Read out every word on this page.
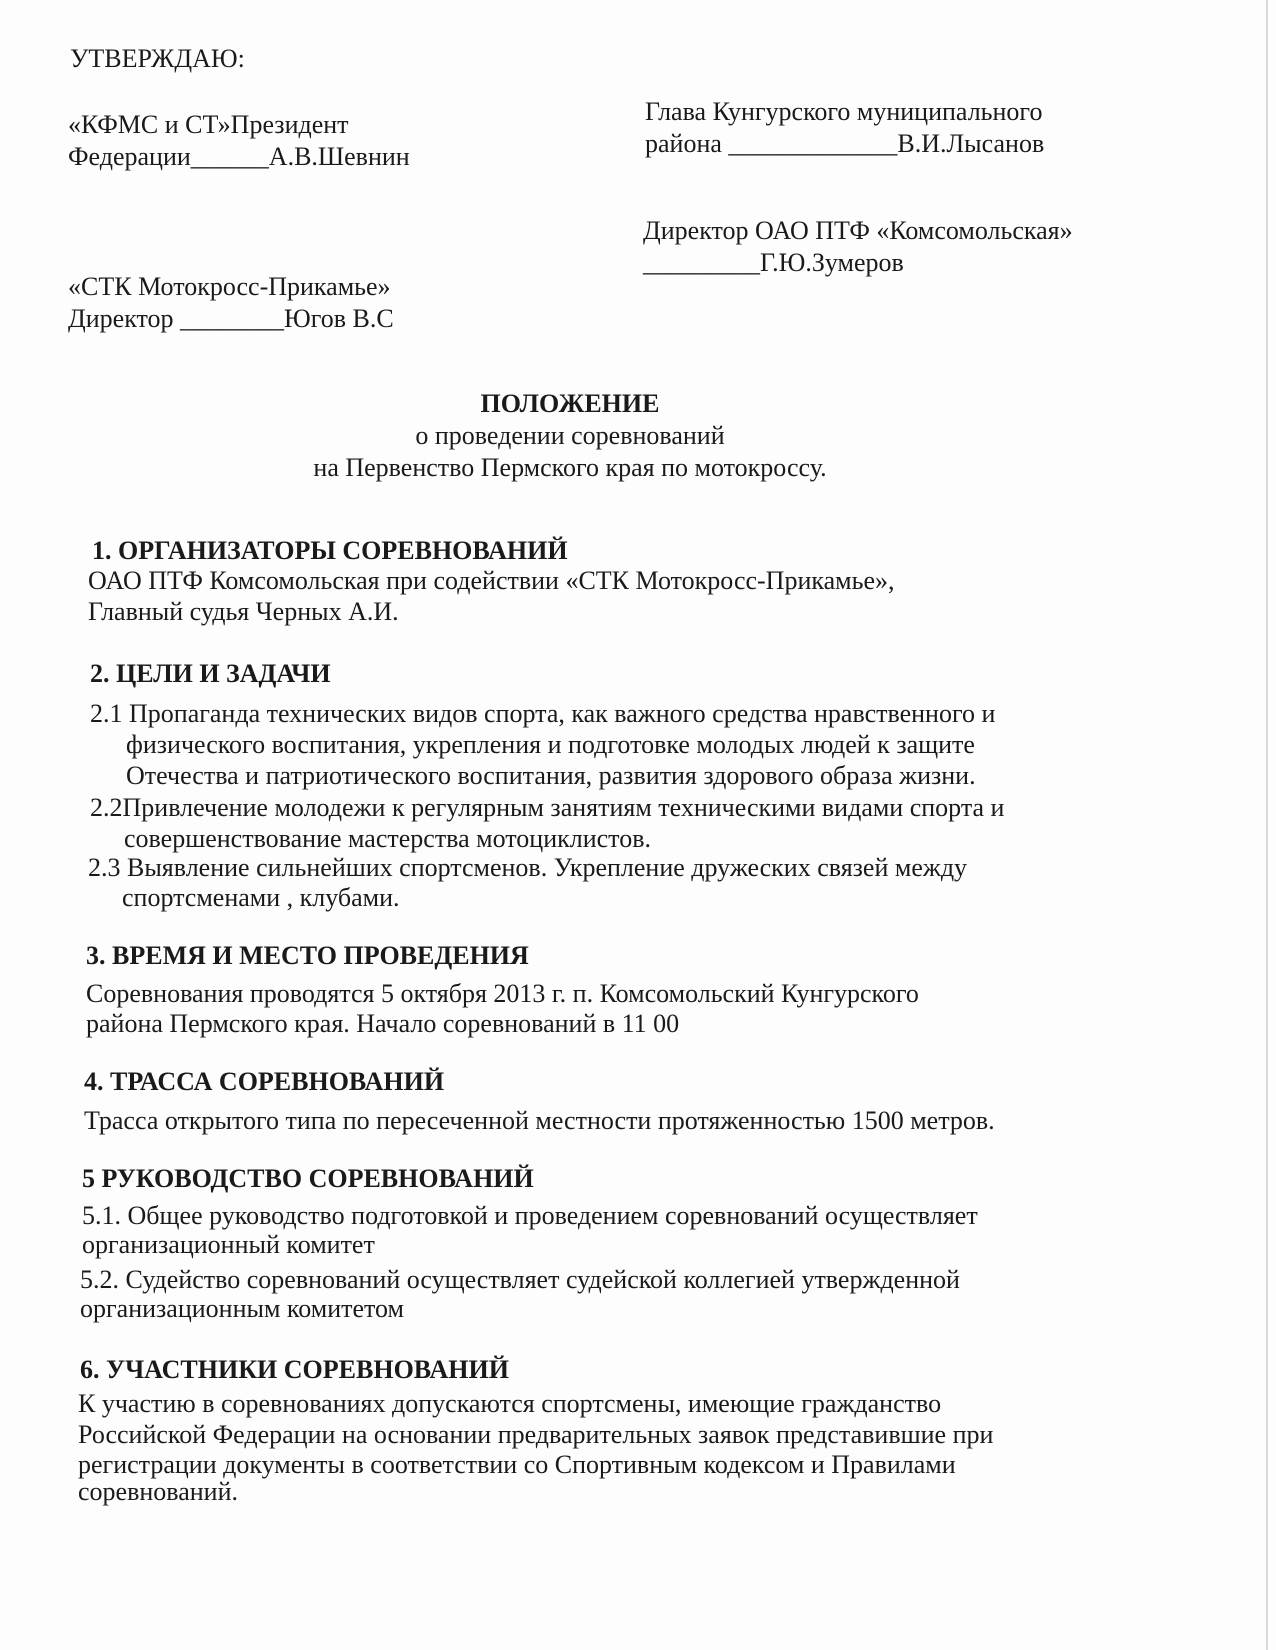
УТВЕРЖДАЮ:
«КФМС и СТ»Президент
Федерации______А.В.Шевнин
«СТК Мотокросс-Прикамье»
Директор ________Югов В.С
Глава Кунгурского муниципального
района _____________В.И.Лысанов
Директор ОАО ПТФ «Комсомольская»
_________Г.Ю.Зумеров
ПОЛОЖЕНИЕ
о проведении соревнований
на Первенство Пермского края по мотокроссу.
1. ОРГАНИЗАТОРЫ СОРЕВНОВАНИЙ
ОАО ПТФ Комсомольская при содействии «СТК Мотокросс-Прикамье»,
Главный судья Черных А.И.
2. ЦЕЛИ И ЗАДАЧИ
2.1 Пропаганда технических видов спорта, как важного средства нравственного и
физического воспитания, укрепления и подготовке молодых людей к защите
Отечества и патриотического воспитания, развития здорового образа жизни.
2.2Привлечение молодежи к регулярным занятиям техническими видами спорта и
совершенствование мастерства мотоциклистов.
2.3 Выявление сильнейших спортсменов. Укрепление дружеских связей между
спортсменами , клубами.
3. ВРЕМЯ И МЕСТО ПРОВЕДЕНИЯ
Соревнования проводятся 5 октября 2013 г. п. Комсомольский Кунгурского
района Пермского края. Начало соревнований в 11 00
4. ТРАССА СОРЕВНОВАНИЙ
Трасса открытого типа по пересеченной местности протяженностью 1500 метров.
5 РУКОВОДСТВО СОРЕВНОВАНИЙ
5.1. Общее руководство подготовкой и проведением соревнований осуществляет
организационный комитет
5.2. Судейство соревнований осуществляет судейской коллегией утвержденной
организационным комитетом
6. УЧАСТНИКИ СОРЕВНОВАНИЙ
К участию в соревнованиях допускаются спортсмены, имеющие гражданство
Российской Федерации на основании предварительных заявок представившие при
регистрации документы в соответствии со Спортивным кодексом и Правилами
соревнований.
